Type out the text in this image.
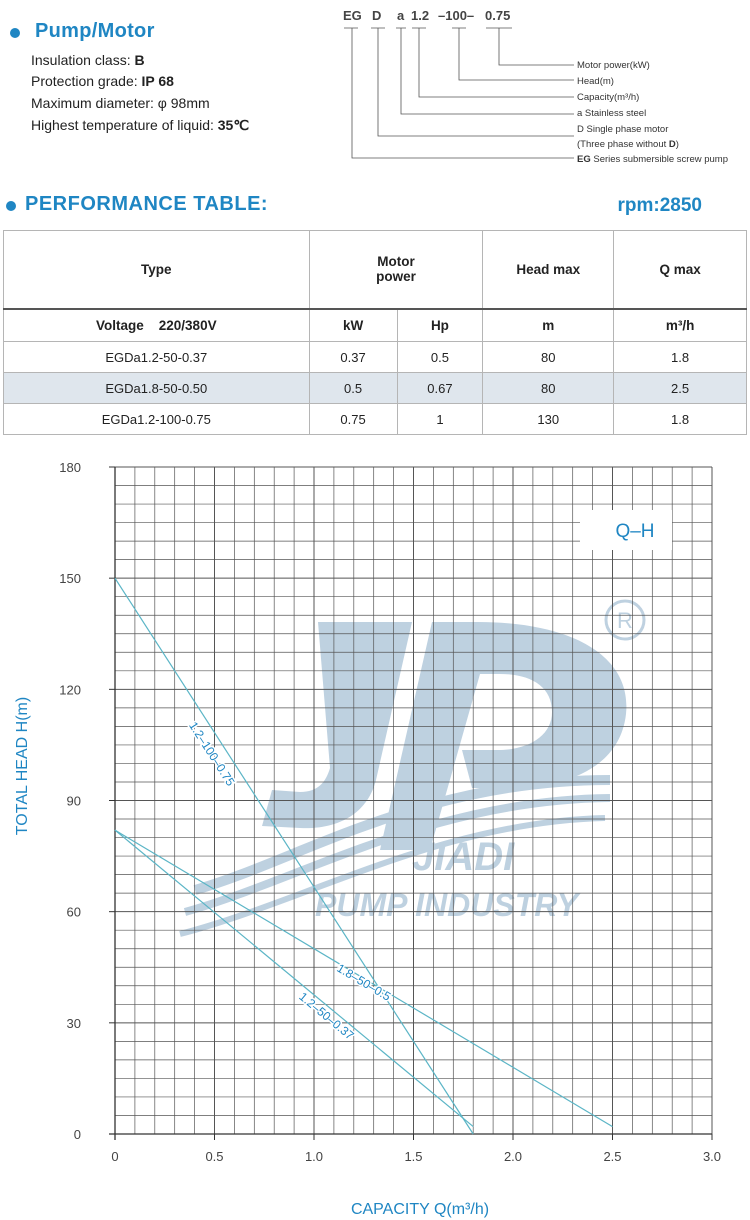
Pump/Motor
Insulation class: B
Protection grade: IP 68
Maximum diameter: φ 98mm
Highest temperature of liquid: 35℃
EG D a 1.2 –100– 0.75
Motor power(kW)
Head(m)
Capacity(m³/h)
a Stainless steel
D Single phase motor
(Three phase without D)
EG Series submersible screw pump
PERFORMANCE TABLE:	rpm:2850
Type	Motor power		Head max	Q max
Voltage    220/380V	kW	Hp	m	m³/h
EGDa1.2-50-0.37	0.37	0.5	80	1.8
EGDa1.8-50-0.50	0.5	0.67	80	2.5
EGDa1.2-100-0.75	0.75	1	130	1.8
R
JIADI
PUMP INDUSTRY
0	0.5	1.0	1.5	2.0	2.5	3.0
0
30
60
90
120
150
180
1.2–100–0.75
1.8–50–0.5
1.2–50–0.37
Q–H
CAPACITY Q(m³/h)
TOTAL HEAD H(m)
